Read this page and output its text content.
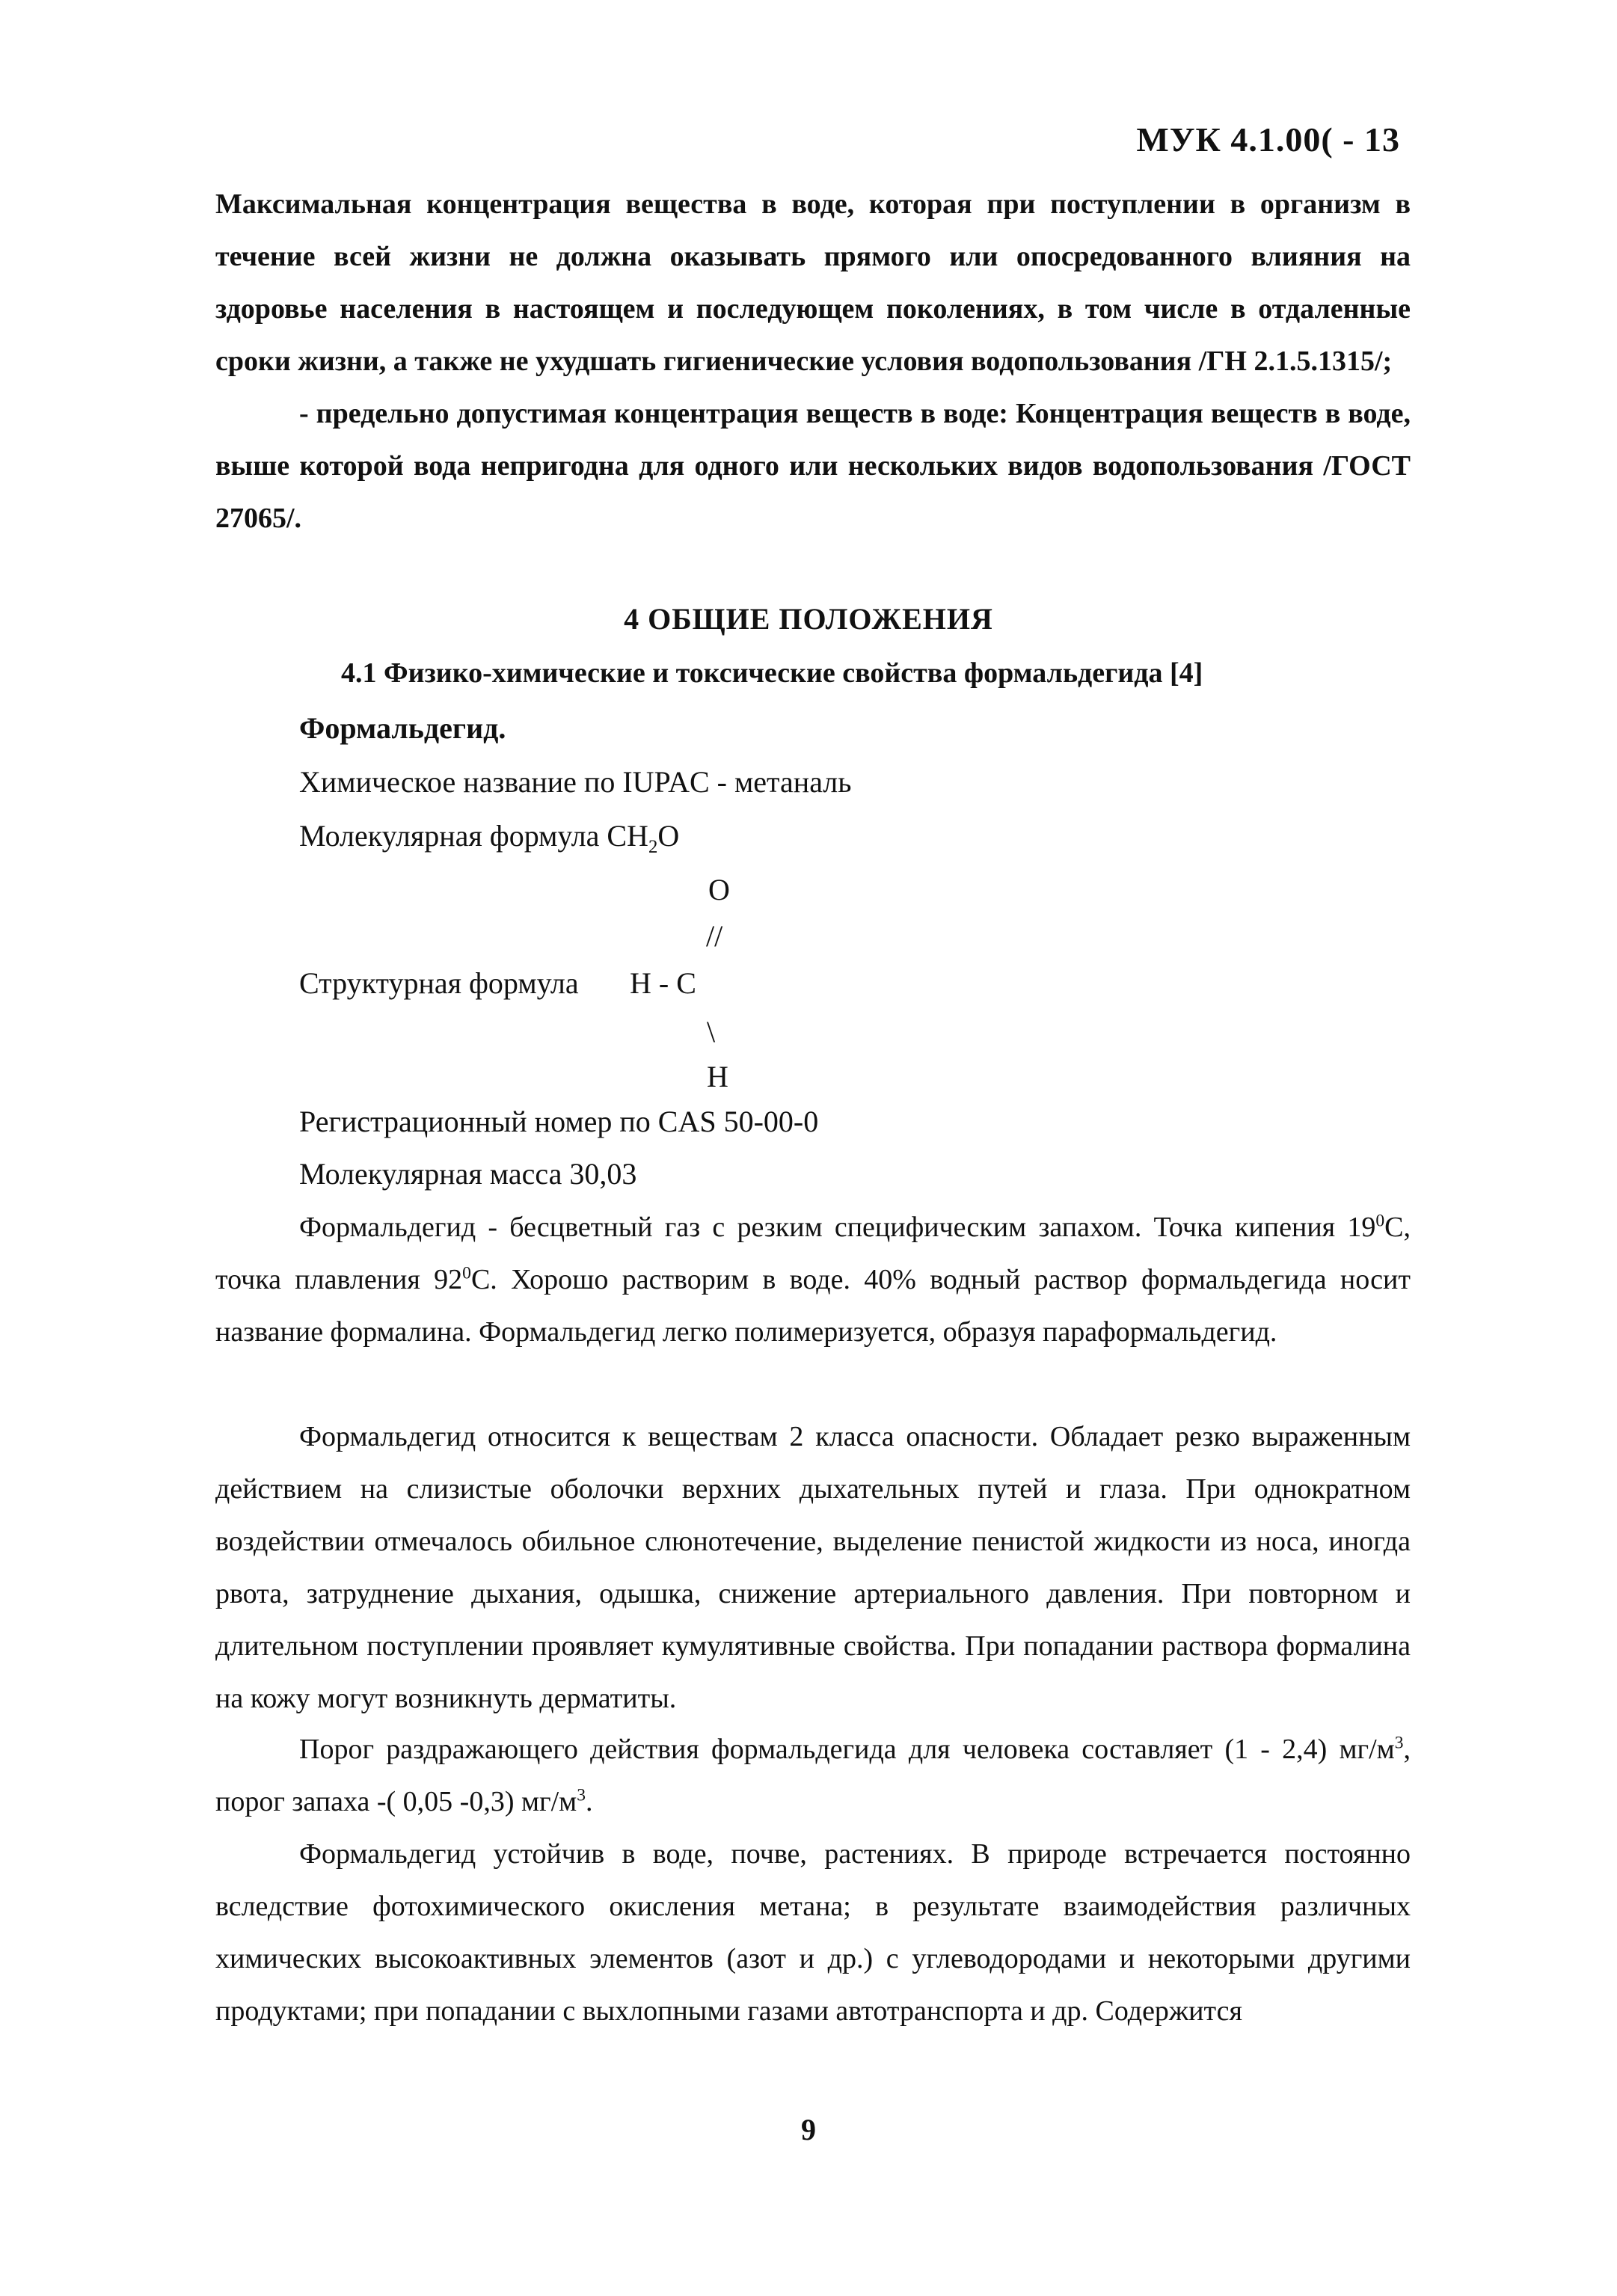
МУК 4.1.00( - 13
Максимальная концентрация вещества в воде, которая при поступлении в организм в течение всей жизни не должна оказывать прямого или опосредованного влияния на здоровье населения в настоящем и последующем поколениях, в том числе в отдаленные сроки жизни, а также не ухудшать гигиенические условия водопользования /ГН 2.1.5.1315/;
- предельно допустимая концентрация веществ в воде: Концентрация веществ в воде, выше которой вода непригодна для одного или нескольких видов водопользования /ГОСТ 27065/.
4 ОБЩИЕ ПОЛОЖЕНИЯ
4.1 Физико-химические и токсические свойства формальдегида [4]
Формальдегид.
Химическое название по IUPAC - метаналь
Молекулярная формула $CH_2O$
O
//
Структурная формула H - C
\
H
Регистрационный номер по CAS 50-00-0
Молекулярная масса 30,03
Формальдегид - бесцветный газ с резким специфическим запахом. Точка кипения $19^0С$, точка плавления $92^0С$. Хорошо растворим в воде. 40% водный раствор формальдегида носит название формалина. Формальдегид легко полимеризуется, образуя параформальдегид.
Формальдегид относится к веществам 2 класса опасности. Обладает резко выраженным действием на слизистые оболочки верхних дыхательных путей и глаза. При однократном воздействии отмечалось обильное слюнотечение, выделение пенистой жидкости из носа, иногда рвота, затруднение дыхания, одышка, снижение артериального давления. При повторном и длительном поступлении проявляет кумулятивные свойства. При попадании раствора формалина на кожу могут возникнуть дерматиты.
Порог раздражающего действия формальдегида для человека составляет (1 - 2,4) $мг/м^3$, порог запаха -( 0,05 -0,3) $мг/м^3$.
Формальдегид устойчив в воде, почве, растениях. В природе встречается постоянно вследствие фотохимического окисления метана; в результате взаимодействия различных химических высокоактивных элементов (азот и др.) с углеводородами и некоторыми другими продуктами; при попадании с выхлопными газами автотранспорта и др. Содержится
9
